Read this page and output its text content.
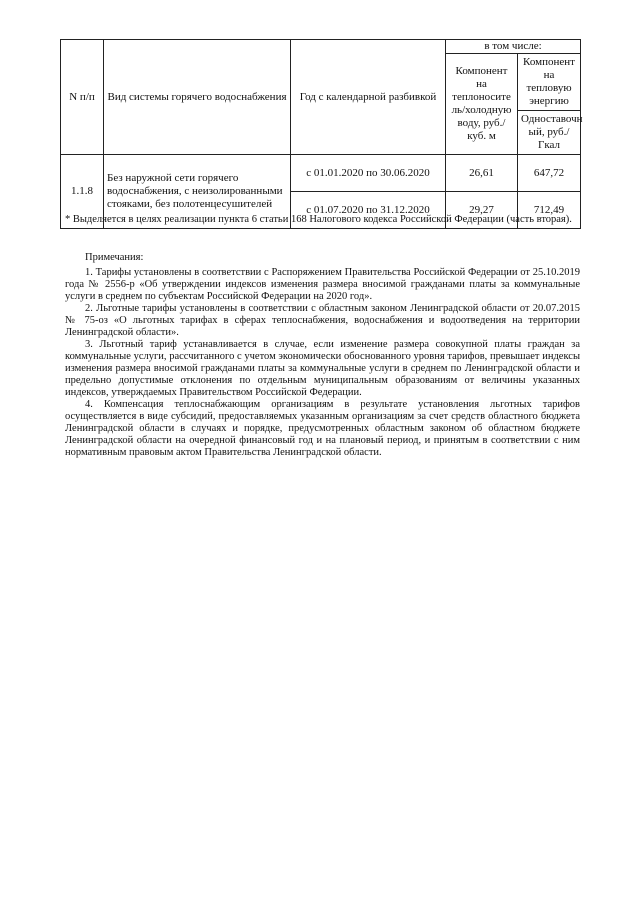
N п/п	Вид системы горячего водоснабжения	Год с календарной разбивкой	в том числе:	
			Компонент на теплоносите ль/холодную воду, руб./куб. м	Компонент на тепловую энергию
				Одноставочн ый, руб./Гкал
1.1.8	Без наружной сети горячего водоснабжения, с неизолированными стояками, без полотенцесушителей	с 01.01.2020 по 30.06.2020	26,61	647,72
		с 01.07.2020 по 31.12.2020	29,27	712,49
* Выделяется в целях реализации пункта 6 статьи 168 Налогового кодекса Российской Федерации (часть вторая).
Примечания:

1. Тарифы установлены в соответствии с Распоряжением Правительства Российской Федерации от 25.10.2019 года № 2556-р «Об утверждении индексов изменения размера вносимой гражданами платы за коммунальные услуги в среднем по субъектам Российской Федерации на 2020 год».

2. Льготные тарифы установлены в соответствии с областным законом Ленинградской области от 20.07.2015 № 75-оз «О льготных тарифах в сферах теплоснабжения, водоснабжения и водоотведения на территории Ленинградской области».

3. Льготный тариф устанавливается в случае, если изменение размера совокупной платы граждан за коммунальные услуги, рассчитанного с учетом экономически обоснованного уровня тарифов, превышает индексы изменения размера вносимой гражданами платы за коммунальные услуги в среднем по Ленинградской области и предельно допустимые отклонения по отдельным муниципальным образованиям от величины указанных индексов, утверждаемых Правительством Российской Федерации.

4. Компенсация теплоснабжающим организациям в результате установления льготных тарифов осуществляется в виде субсидий, предоставляемых указанным организациям за счет средств областного бюджета Ленинградской области в случаях и порядке, предусмотренных областным законом об областном бюджете Ленинградской области на очередной финансовый год и на плановый период, и принятым в соответствии с ним нормативным правовым актом Правительства Ленинградской области.
